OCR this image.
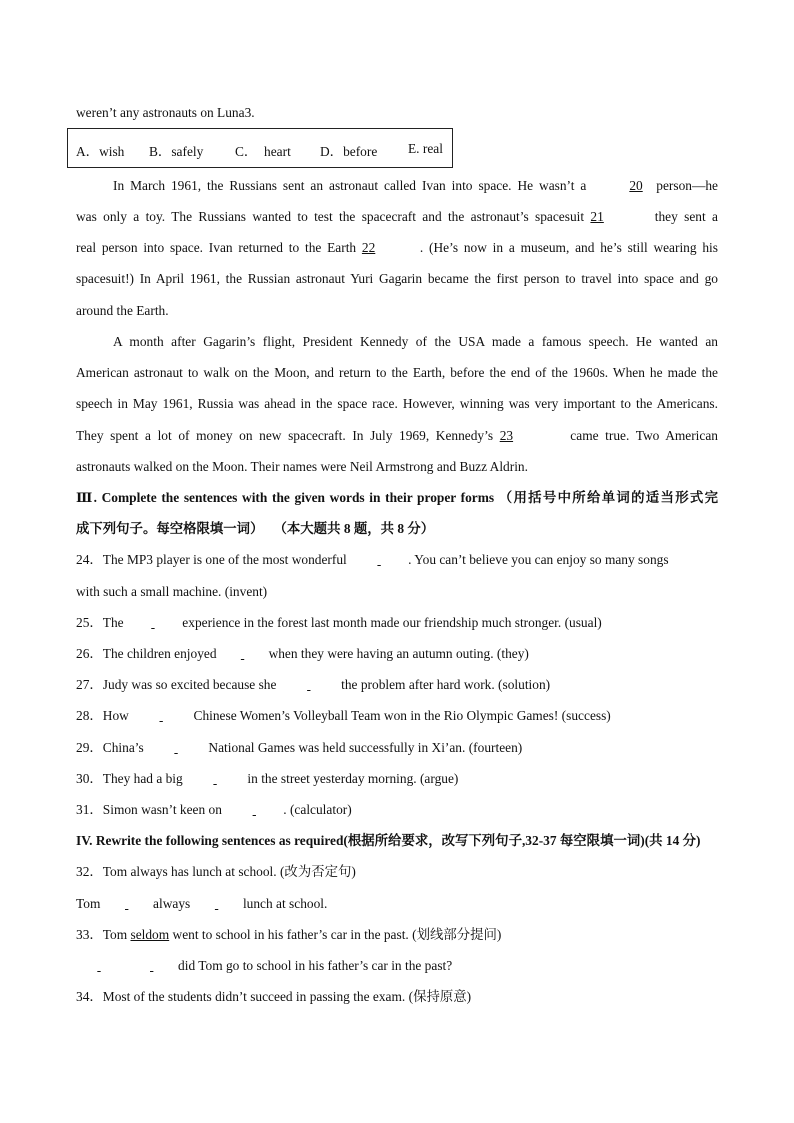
weren’t any astronauts on Luna3.
A．wish B．safely C． heart D．before E. real
In March 1961, the Russians sent an astronaut called Ivan into space. He wasn’t a	20 person—he
was only a toy. The Russians wanted to test the spacecraft and the astronaut’s spacesuit 21	they sent a
real person into space. Ivan returned to the Earth 22	. (He’s now in a museum, and he’s still wearing his
spacesuit!) In April 1961, the Russian astronaut Yuri Gagarin became the first person to travel into space and go
around the Earth.
A month after Gagarin’s flight, President Kennedy of the USA made a famous speech. He wanted an
American astronaut to walk on the Moon, and return to the Earth, before the end of the 1960s. When he made the
speech in May 1961, Russia was ahead in the space race. However, winning was very important to the Americans.
They spent a lot of money on new spacecraft. In July 1969, Kennedy’s 23	came true. Two American
astronauts walked on the Moon. Their names were Neil Armstrong and Buzz Aldrin.
Ⅲ. Complete the sentences with the given words in their proper forms （用括号中所给单词的适当形式完
成下列句子。每空格限填一词） （本大题共 8 题，共 8 分）
24．The MP3 player is one of the most wonderful	. You can’t believe you can enjoy so many songs
with such a small machine. (invent)
25．The	experience in the forest last month made our friendship much stronger. (usual)
26．The children enjoyed	when they were having an autumn outing. (they)
27．Judy was so excited because she	the problem after hard work. (solution)
28．How	Chinese Women’s Volleyball Team won in the Rio Olympic Games! (success)
29．China’s	National Games was held successfully in Xi’an. (fourteen)
30．They had a big	in the street yesterday morning. (argue)
31．Simon wasn’t keen on	. (calculator)
IV. Rewrite the following sentences as required(根据所给要求，改写下列句子,32-37 每空限填一词)(共 14 分)
32．Tom always has lunch at school. (改为否定句)
Tom	always	lunch at school.
33．Tom seldom went to school in his father’s car in the past. (划线部分提问)
did Tom go to school in his father’s car in the past?
34．Most of the students didn’t succeed in passing the exam. (保持原意)
